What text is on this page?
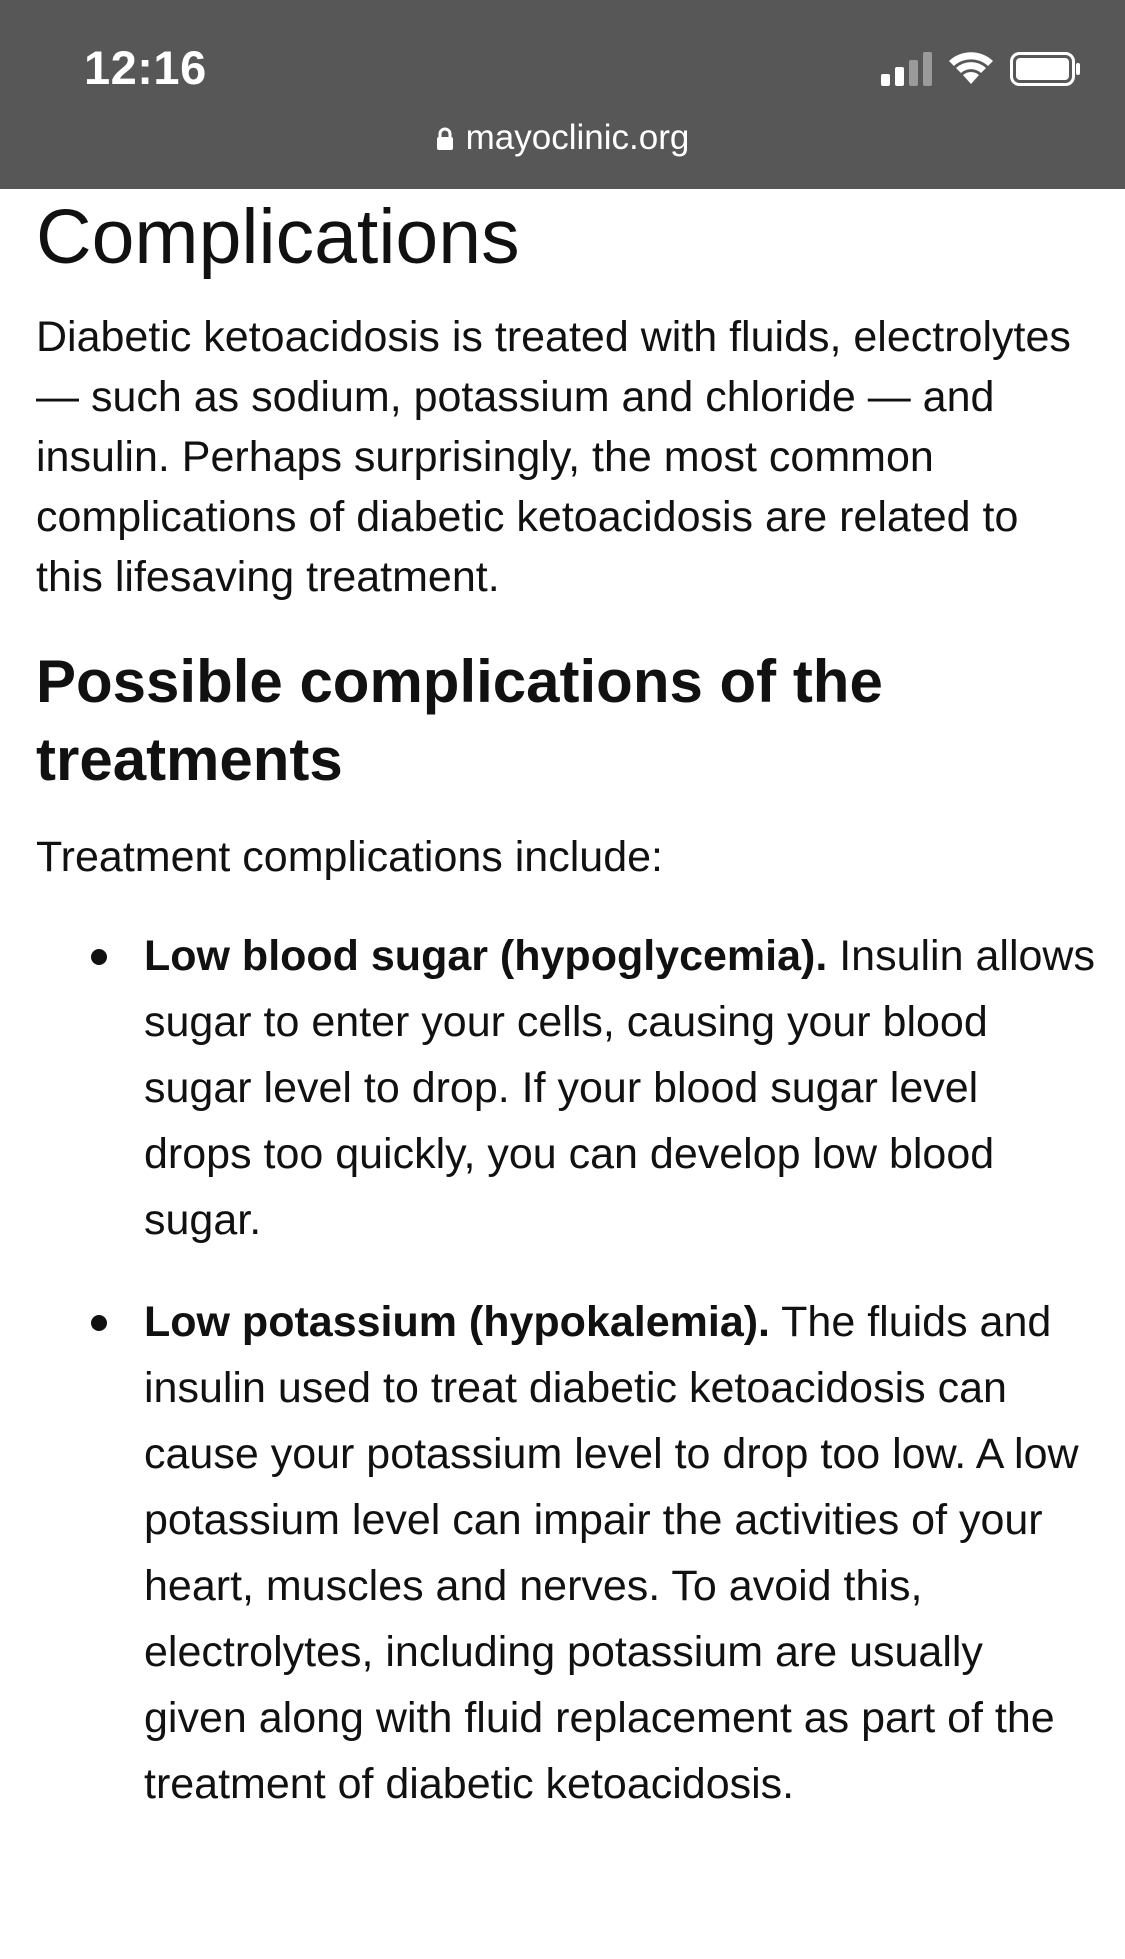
12:16
mayoclinic.org
Complications

Diabetic ketoacidosis is treated with fluids, electrolytes — such as sodium, potassium and chloride — and insulin. Perhaps surprisingly, the most common complications of diabetic ketoacidosis are related to this lifesaving treatment.

Possible complications of the treatments

Treatment complications include:

Low blood sugar (hypoglycemia). Insulin allows sugar to enter your cells, causing your blood sugar level to drop. If your blood sugar level drops too quickly, you can develop low blood sugar.
Low potassium (hypokalemia). The fluids and insulin used to treat diabetic ketoacidosis can cause your potassium level to drop too low. A low potassium level can impair the activities of your heart, muscles and nerves. To avoid this, electrolytes, including potassium are usually given along with fluid replacement as part of the treatment of diabetic ketoacidosis.
